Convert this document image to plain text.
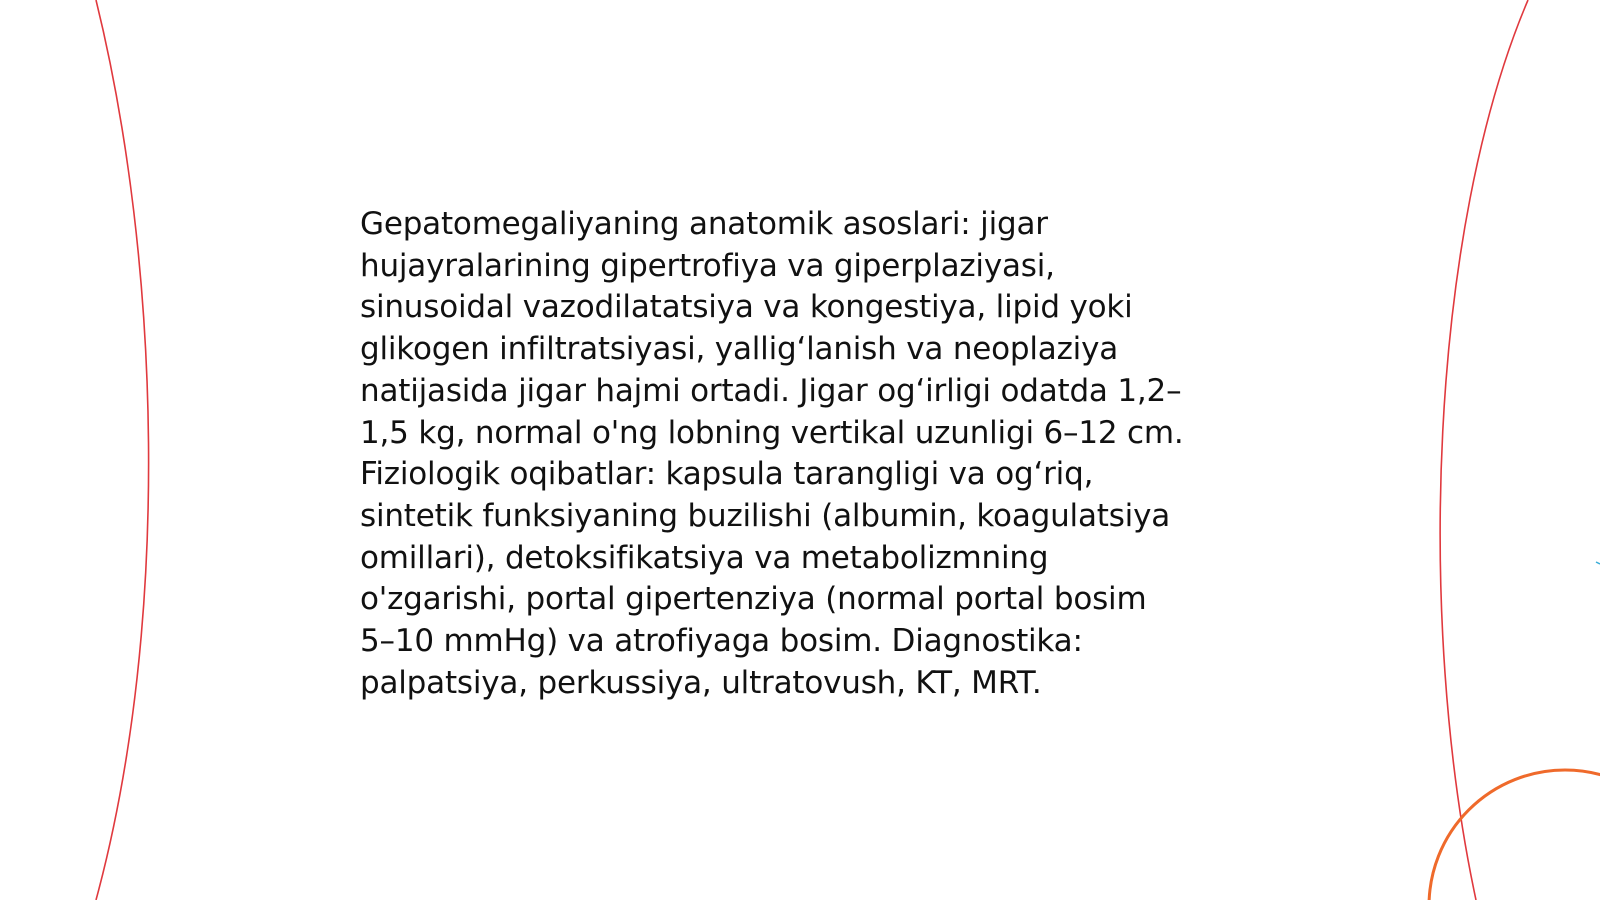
Gepatomegaliyaning anatomik asoslari: jigar
hujayralarining gipertrofiya va giperplaziyasi,
sinusoidal vazodilatatsiya va kongestiya, lipid yoki
glikogen infiltratsiyasi, yallig‘lanish va neoplaziya
natijasida jigar hajmi ortadi. Jigar og‘irligi odatda 1,2–
1,5 kg, normal o'ng lobning vertikal uzunligi 6–12 cm.
Fiziologik oqibatlar: kapsula tarangligi va og‘riq,
sintetik funksiyaning buzilishi (albumin, koagulatsiya
omillari), detoksifikatsiya va metabolizmning
o'zgarishi, portal gipertenziya (normal portal bosim
5–10 mmHg) va atrofiyaga bosim. Diagnostika:
palpatsiya, perkussiya, ultratovush, KT, MRT.
